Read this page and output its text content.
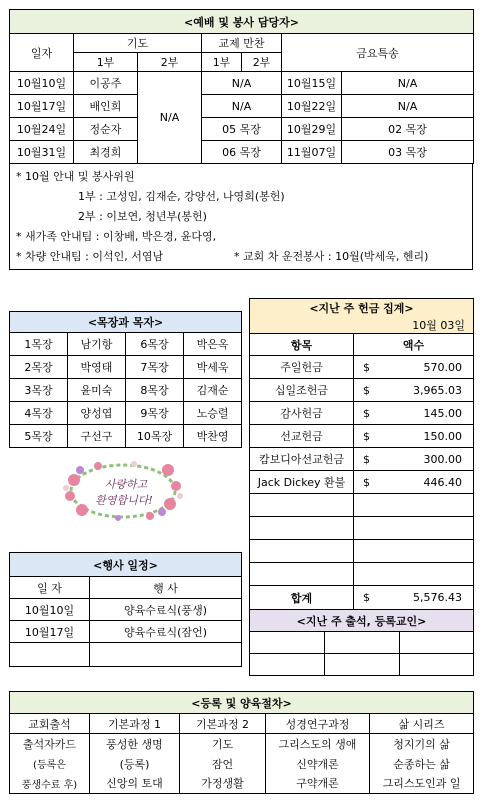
<예배 및 봉사 담당자>						
일자	기도		교제 만찬		금요특송	
	1부	2부	1부	2부		
10월10일	이공주	N/A	N/A		10월15일	N/A
10월17일	배인희		N/A		10월22일	N/A
10월24일	정순자		05 목장		10월29일	02 목장
10월31일	최경희		06 목장		11월07일	03 목장
* 10월 안내 및 봉사위원
1부 : 고성임, 김재순, 강양선, 나영희(봉헌)
2부 : 이보연, 청년부(봉헌)
* 새가족 안내팀 : 이창배, 박은경, 윤다영,
* 차량 안내팀 : 이석인, 서염남	* 교회 차 운전봉사 : 10월(박세욱, 헨리)
<목장과 목자>			
1목장	남기항	6목장	박은옥
2목장	박영태	7목장	박세욱
3목장	윤미숙	8목장	김재순
4목장	양성엽	9목장	노승렬
5목장	구선구	10목장	박찬영
사랑하고
환영합니다!
<행사 일정>	
일 자	행 사
10월10일	양육수료식(풍생)
10월17일	양육수료식(잠언)

<지난 주 헌금 집계>	
10월 03일	
항목	액수
주일헌금	$ 570.00

십일조헌금	$ 3,965.03

감사헌금	$ 145.00

선교헌금	$ 150.00

캄보디아선교헌금	$ 300.00

Jack Dickey 환불	$ 446.40

합계	$ 5,576.43
<지난 주 출석, 등록교인>		

<등록 및 양육절차>				
교회출석	기본과정 1	기본과정 2	성경연구과정	삶 시리즈
출석자카드	풍성한 생명	기도	그리스도의 생애	청지기의 삶
(등록은	(등록)	잠언	신약개론	순종하는 삶
풍생수료 후)	신앙의 토대	가정생활	구약개론	그리스도인과 일
